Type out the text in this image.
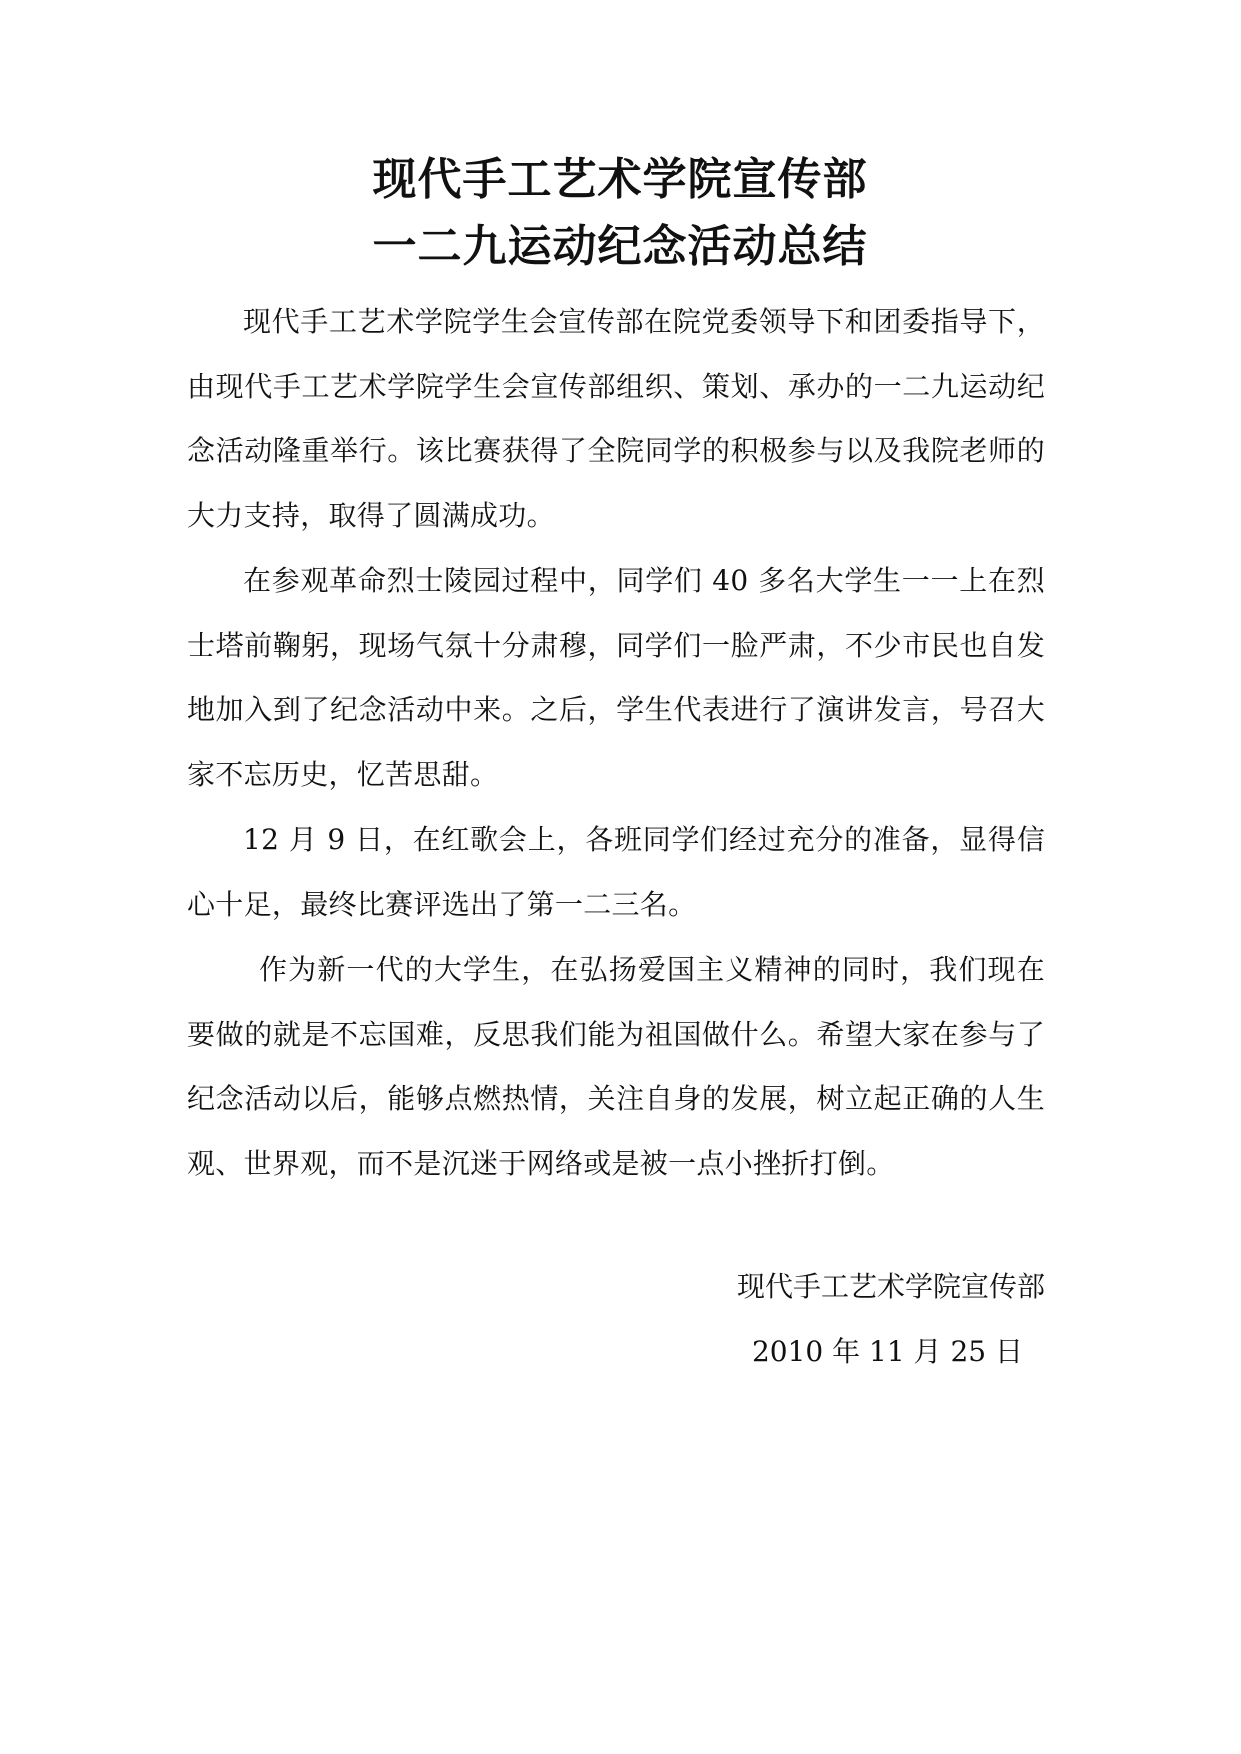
现代手工艺术学院宣传部
一二九运动纪念活动总结

现代手工艺术学院学生会宣传部在院党委领导下和团委指导下，由现代手工艺术学院学生会宣传部组织、策划、承办的一二九运动纪念活动隆重举行。该比赛获得了全院同学的积极参与以及我院老师的大力支持，取得了圆满成功。

在参观革命烈士陵园过程中，同学们 40 多名大学生一一上在烈士塔前鞠躬，现场气氛十分肃穆，同学们一脸严肃，不少市民也自发地加入到了纪念活动中来。之后，学生代表进行了演讲发言，号召大家不忘历史，忆苦思甜。

12 月 9 日，在红歌会上，各班同学们经过充分的准备，显得信心十足，最终比赛评选出了第一二三名。

作为新一代的大学生，在弘扬爱国主义精神的同时，我们现在要做的就是不忘国难，反思我们能为祖国做什么。希望大家在参与了纪念活动以后，能够点燃热情，关注自身的发展，树立起正确的人生观、世界观，而不是沉迷于网络或是被一点小挫折打倒。

现代手工艺术学院宣传部

2010 年 11 月 25 日
